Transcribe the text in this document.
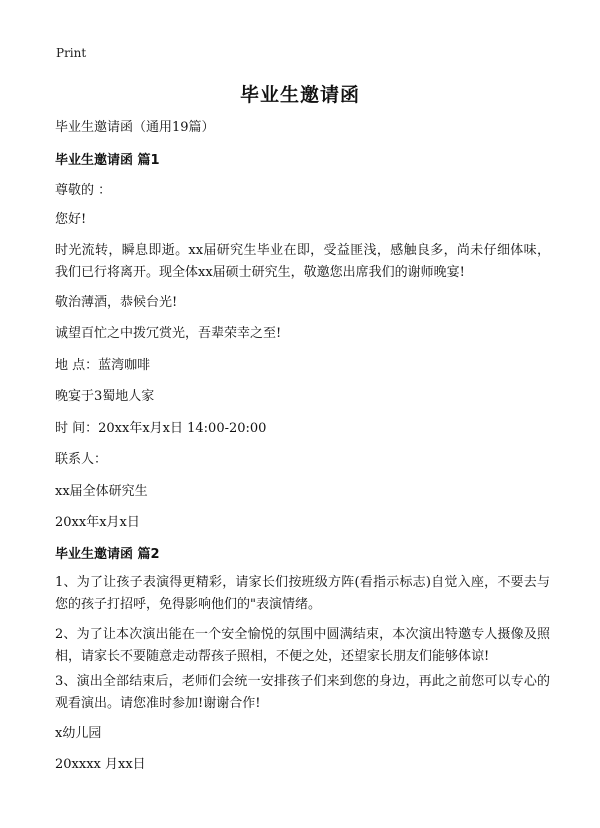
Print
毕业生邀请函
毕业生邀请函（通用19篇）
毕业生邀请函 篇1
尊敬的 ：
您好!
时光流转，瞬息即逝。xx届研究生毕业在即，受益匪浅，感触良多，尚未仔细体味，我们已行将离开。现全体xx届硕士研究生，敬邀您出席我们的谢师晚宴!
敬治薄酒，恭候台光!
诚望百忙之中拨冗赏光，吾辈荣幸之至!
地 点：蓝湾咖啡
晚宴于3蜀地人家
时 间：20xx年x月x日 14:00-20:00
联系人：
xx届全体研究生
20xx年x月x日
毕业生邀请函 篇2
1、为了让孩子表演得更精彩，请家长们按班级方阵(看指示标志)自觉入座，不要去与您的孩子打招呼，免得影响他们的"表演情绪。
2、为了让本次演出能在一个安全愉悦的氛围中圆满结束，本次演出特邀专人摄像及照相，请家长不要随意走动帮孩子照相，不便之处，还望家长朋友们能够体谅!
3、演出全部结束后，老师们会统一安排孩子们来到您的身边，再此之前您可以专心的观看演出。请您准时参加!谢谢合作!
x幼儿园
20xxxx 月xx日
